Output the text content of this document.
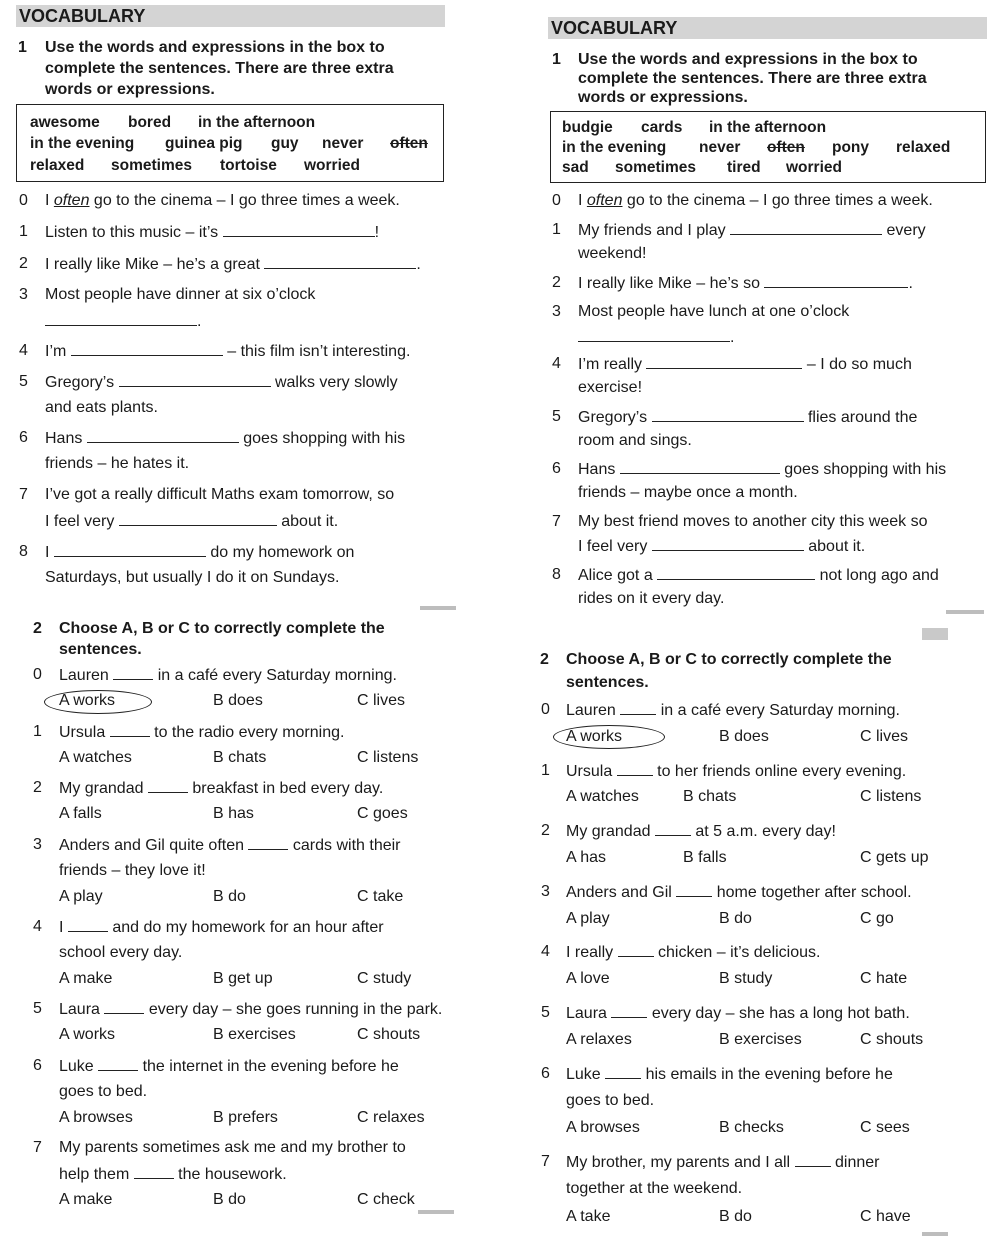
VOCABULARY
1 Use the words and expressions in the box to
complete the sentences. There are three extra
words or expressions.
awesome bored in the afternoon
in the evening guinea pig guy never often
relaxed sometimes tortoise worried
0 I often go to the cinema – I go three times a week.
1 Listen to this music – it’s	!
2 I really like Mike – he’s a great	.
3 Most people have dinner at six o’clock
.
4 I’m	– this film isn’t interesting.
5 Gregory’s	walks very slowly
and eats plants.
6 Hans	goes shopping with his
friends – he hates it.
7 I’ve got a really difficult Maths exam tomorrow, so
I feel very	about it.
8 I	do my homework on
Saturdays, but usually I do it on Sundays.
2 Choose A, B or C to correctly complete the
sentences.
0 Lauren	in a café every Saturday morning.
A works	B does	C lives
1 Ursula	to the radio every morning.
A watches	B chats	C listens
2 My grandad	breakfast in bed every day.
A falls	B has	C goes
3 Anders and Gil quite often	cards with their
friends – they love it!
A play	B do	C take
4 I	and do my homework for an hour after
school every day.
A make	B get up	C study
5 Laura	every day – she goes running in the park.
A works	B exercises	C shouts
6 Luke	the internet in the evening before he
goes to bed.
A browses	B prefers	C relaxes
7 My parents sometimes ask me and my brother to
help them	the housework.
A make	B do	C check
VOCABULARY
1 Use the words and expressions in the box to
complete the sentences. There are three extra
words or expressions.
budgie cards in the afternoon
in the evening never often pony relaxed
sad sometimes tired worried
0 I often go to the cinema – I go three times a week.
1 My friends and I play	every
weekend!
2 I really like Mike – he’s so	.
3 Most people have lunch at one o’clock
.
4 I’m really	– I do so much
exercise!
5 Gregory’s	flies around the
room and sings.
6 Hans	goes shopping with his
friends – maybe once a month.
7 My best friend moves to another city this week so
I feel very	about it.
8 Alice got a	not long ago and
rides on it every day.
2 Choose A, B or C to correctly complete the
sentences.
0 Lauren  in a café every Saturday morning.
A works	B does	C lives
1 Ursula  to her friends online every evening.
A watches	B chats	C listens
2 My grandad  at 5 a.m. every day!
A has	B falls	C gets up
3 Anders and Gil  home together after school.
A play	B do	C go
4 I really  chicken – it’s delicious.
A love	B study	C hate
5 Laura  every day – she has a long hot bath.
A relaxes	B exercises	C shouts
6 Luke  his emails in the evening before he
goes to bed.
A browses	B checks	C sees
7 My brother, my parents and I all  dinner
together at the weekend.
A take	B do	C have
